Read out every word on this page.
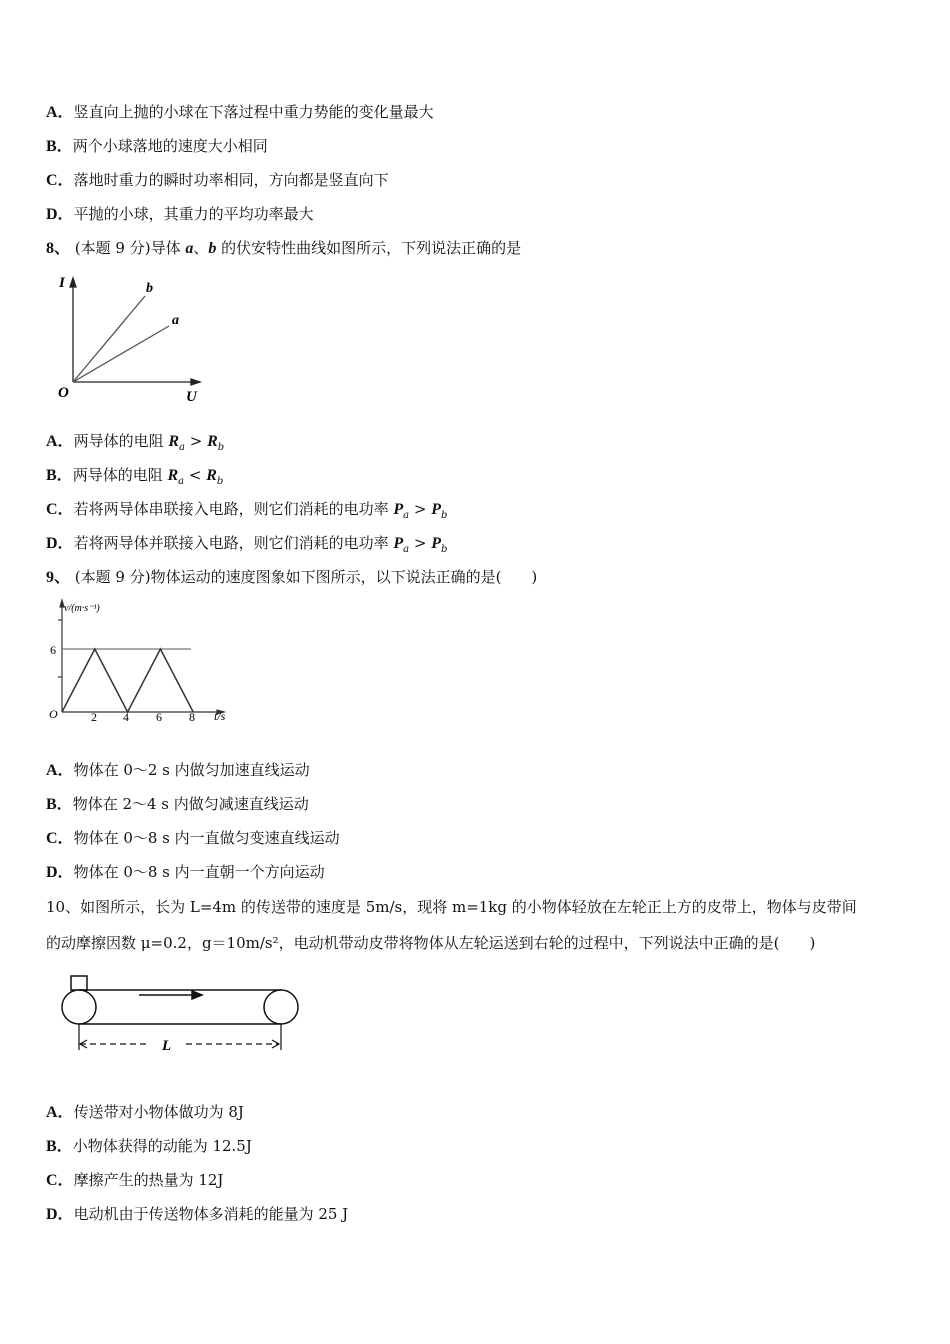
A．竖直向上抛的小球在下落过程中重力势能的变化量最大
B．两个小球落地的速度大小相同
C．落地时重力的瞬时功率相同，方向都是竖直向下
D．平抛的小球，其重力的平均功率最大
8、 (本题 9 分)导体 a、b 的伏安特性曲线如图所示，下列说法正确的是
I	b
a
O	U
v/(m·s⁻¹)
6
O	2 4 6 8 t/s
L
A．两导体的电阻 $R_a > R_b$
B．两导体的电阻 $R_a < R_b$
C．若将两导体串联接入电路，则它们消耗的电功率 $P_a > P_b$
D．若将两导体并联接入电路，则它们消耗的电功率 $P_a > P_b$
9、 (本题 9 分)物体运动的速度图象如下图所示，以下说法正确的是(　　)
A．物体在 0～2 s 内做匀加速直线运动
B．物体在 2～4 s 内做匀减速直线运动
C．物体在 0～8 s 内一直做匀变速直线运动
D．物体在 0～8 s 内一直朝一个方向运动
10、如图所示，长为 L=4m 的传送带的速度是 5m/s，现将 m=1kg 的小物体轻放在左轮正上方的皮带上，物体与皮带间
的动摩擦因数 μ=0.2，g＝10m/s²，电动机带动皮带将物体从左轮运送到右轮的过程中，下列说法中正确的是(　　)
A．传送带对小物体做功为 8J
B．小物体获得的动能为 12.5J
C．摩擦产生的热量为 12J
D．电动机由于传送物体多消耗的能量为 25 J
